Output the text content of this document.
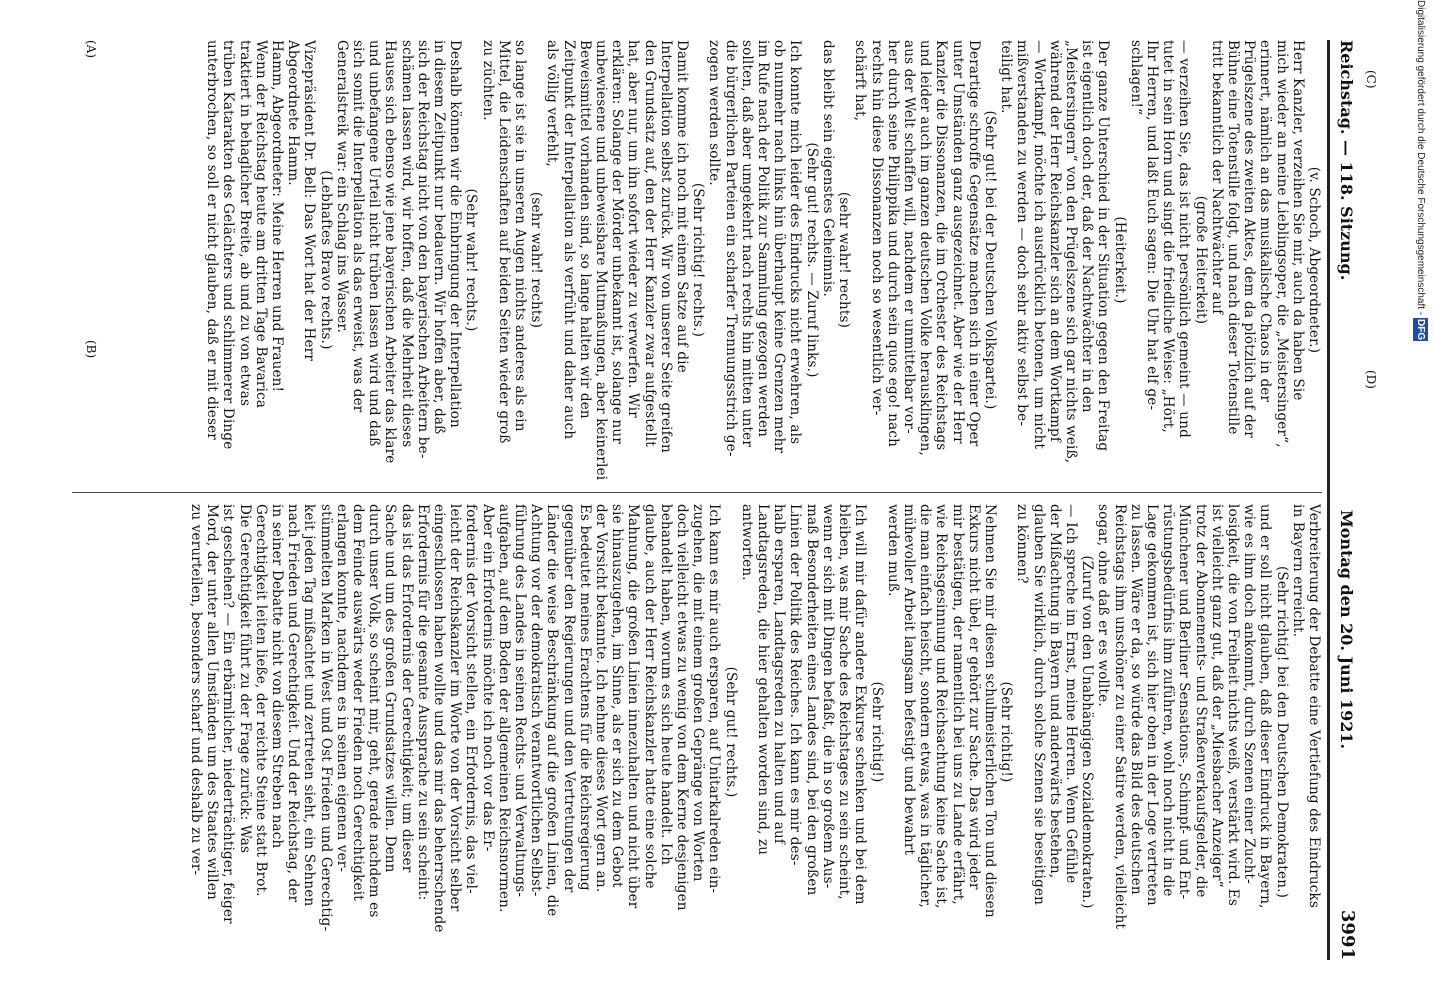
Reichstag. — 118. Sitzung.
Montag den 20. Juni 1921.
3991
(v. Schoch, Abgeordneter.)
Herr Kanzler, verzeihen Sie mir, auch da haben Sie
mich wieder an meine Lieblingsoper, die „Meistersinger“,
erinnert, nämlich an das musikalische Chaos in der
Prügelszene des zweiten Aktes, dem da plötzlich auf der
Bühne eine Totenstille folgt, und nach dieser Totenstille
tritt bekanntlich der Nachtwächter auf
(große Heiterkeit)
— verzeihen Sie, das ist nicht persönlich gemeint — und
tutet in sein Horn und singt die friedliche Weise: „Hört,
Ihr Herren, und laßt Euch sagen: Die Uhr hat elf ge-
schlagen!“
(Heiterkeit.)
Der ganze Unterschied in der Situation gegen den Freitag
ist eigentlich doch der, daß der Nachtwächter in den
„Meistersingern“ von den Prügelszene sich gar nichts weiß,
während der Herr Reichskanzler sich an dem Wortkampf
— Wortkampf, möchte ich ausdrücklich betonen, um nicht
mißverstanden zu werden — doch sehr aktiv selbst be-
teiligt hat.
(Sehr gut! bei der Deutschen Volkspartei.)
Derartige schroffe Gegensätze machen sich in einer Oper
unter Umständen ganz ausgezeichnet. Aber wie der Herr
Kanzler die Dissonanzen, die im Orchester des Reichstags
und leider auch im ganzen deutschen Volke herausklingen,
aus der Welt schaffen will, nachdem er unmittelbar vor-
her durch seine Philippika und durch sein quos ego! nach
rechts hin diese Dissonanzen noch so wesentlich ver-
schärft hat,
(sehr wahr! rechts)
das bleibt sein eigenstes Geheimnis.
(Sehr gut! rechts. — Zuruf links.)
Ich konnte mich leider des Eindrucks nicht erwehren, als
ob nunmehr nach links hin überhaupt keine Grenzen mehr
im Rufe nach der Politik zur Sammlung gezogen werden
sollten, daß aber umgekehrt nach rechts hin mitten unter
die bürgerlichen Parteien ein scharfer Trennungsstrich ge-
zogen werden sollte.
(Sehr richtig! rechts.)
Damit komme ich noch mit einem Satze auf die
Interpellation selbst zurück. Wir von unserer Seite greifen
den Grundsatz auf, den der Herr Kanzler zwar aufgestellt
hat, aber nur, um ihn sofort wieder zu verwerfen. Wir
erklären: Solange der Mörder unbekannt ist, solange nur
unbewiesene und unbeweisbare Mutmaßungen, aber keinerlei
Beweismittel vorhanden sind, so lange halten wir den
Zeitpunkt der Interpellation als verfrüht und daher auch
als völlig verfehlt,
(sehr wahr! rechts)
so lange ist sie in unseren Augen nichts anderes als ein
Mittel, die Leidenschaften auf beiden Seiten wieder groß
zu züchten.
(Sehr wahr! rechts.)
Deshalb können wir die Einbringung der Interpellation
in diesem Zeitpunkt nur bedauern. Wir hoffen aber, daß
sich der Reichstag nicht von den bayerischen Arbeitern be-
schämen lassen wird, wir hoffen, daß die Mehrheit dieses
Hauses sich ebenso wie jene bayerischen Arbeiter das klare
und unbefangene Urteil nicht trüben lassen wird und daß
sich somit die Interpellation als das erweist, was der
Generalstreik war: ein Schlag ins Wasser.
(Lebhaftes Bravo rechts.)
Vizepräsident Dr. Bell: Das Wort hat der Herr
Abgeordnete Hamm.
Hamm, Abgeordneter: Meine Herren und Frauen!
Wenn der Reichstag heute am dritten Tage Bavarica
traktiert in behaglicher Breite, ab und zu von etwas
trüben Katarakten des Gelächters und schlimmerer Dinge
unterbrochen, so soll er nicht glauben, daß er mit dieser
Verbreiterung der Debatte eine Vertiefung des Eindrucks
in Bayern erreicht.
(Sehr richtig! bei den Deutschen Demokraten.)
und er soll nicht glauben, daß dieser Eindruck in Bayern,
wie es ihm doch ankommt, durch Szenen einer Zucht-
losigkeit, die von Freiheit nichts weiß, verstärkt wird. Es
ist vielleicht ganz gut, daß der „Miesbacher Anzeiger“
trotz der Abonnements- und Straßenverkaufsgelder, die
Münchener und Berliner Sensations-, Schimpf- und Ent-
rüstungsbedürfnis ihm zuführen, wohl noch nicht in die
Lage gekommen ist, sich hier oben in der Loge vertreten
zu lassen. Wäre er da, so würde das Bild des deutschen
Reichstags ihm unschöner zu einer Satire werden, vielleicht
sogar, ohne daß er es wollte.
(Zuruf von den Unabhängigen Sozialdemokraten.)
— Ich spreche im Ernst, meine Herren. Wenn Gefühle
der Mißachtung in Bayern und anderwärts bestehen,
glauben Sie wirklich, durch solche Szenen sie beseitigen
zu können?
(Sehr richtig!)
Nehmen Sie mir diesen schulmeisterlichen Ton und diesen
Exkurs nicht übel, er gehört zur Sache. Das wird jeder
mir bestätigen, der namentlich bei uns zu Lande erfährt,
wie Reichsgesinnung und Reichsachtung keine Sache ist,
die man einfach heischt, sondern etwas, was in täglicher,
mühevoller Arbeit langsam befestigt und bewahrt
werden muß.
(Sehr richtig!)
Ich will mir dafür andere Exkurse schenken und bei dem
bleiben, was mir Sache des Reichstages zu sein scheint,
wenn er sich mit Dingen befaßt, die in so großem Aus-
maß Besonderheiten eines Landes sind, bei den großen
Linien der Politik des Reiches. Ich kann es mir des-
halb ersparen, Landtagsreden zu halten und auf
Landtagsreden, die hier gehalten worden sind, zu
antworten.
(Sehr gut! rechts.)
Ich kann es mir auch ersparen, auf Unitarkalreden ein-
zugehen, die mit einem großen Gepränge von Worten
doch vielleicht etwas zu wenig von dem Kerne desjenigen
behandelt haben, worum es sich heute handelt. Ich
glaube, auch der Herr Reichskanzler hatte eine solche
Mahnung, die großen Linien innezuhalten und nicht über
sie hinauszugehen, im Sinne, als er sich zu dem Gebot
der Vorsicht bekannte. Ich nehme dieses Wort gern an.
Es bedeutet meines Erachtens für die Reichsregierung
gegenüber den Regierungen und den Vertretungen der
Länder die weise Beschränkung auf die großen Linien, die
Achtung vor der demokratisch verantwortlichen Selbst-
führung des Landes in seinen Rechts- und Verwaltungs-
aufgaben, auf dem Boden der allgemeinen Reichsnormen.
Aber ein Erfordernis möchte ich noch vor das Er-
fordernis der Vorsicht stellen, ein Erfordernis, das viel-
leicht der Reichskanzler im Worte von der Vorsicht selber
eingeschlossen haben wollte und das mir das beherrschende
Erfordernis für die gesamte Aussprache zu sein scheint:
das ist das Erfordernis der Gerechtigkeit; um dieser
Sache und um des großen Grundsatzes willen. Denn
durch unser Volk, so scheint mir, geht, gerade nachdem es
dem Feinde auswärts weder Frieden noch Gerechtigkeit
erlangen konnte, nachdem es in seinen eigenen ver-
stümmelten Marken in West und Ost Frieden und Gerechtig-
keit jeden Tag mißachtet und zertreten sieht, ein Sehnen
nach Frieden und Gerechtigkeit. Und der Reichstag, der
in seiner Debatte nicht von diesem Streben nach
Gerechtigkeit leiten ließe, der reichte Steine statt Brot.
Die Gerechtigkeit führt zu der Frage zurück: Was
ist geschehen? — Ein erbärmlicher, niederträchtiger, feiger
Mord, der unter allen Umständen um des Staates willen
zu verurteilen, besonders scharf und deshalb zu ver-
(A)
(B)
(C)
(D)
Digitalisierung gefördert durch die Deutsche Forschungsgemeinschaft - DFG
